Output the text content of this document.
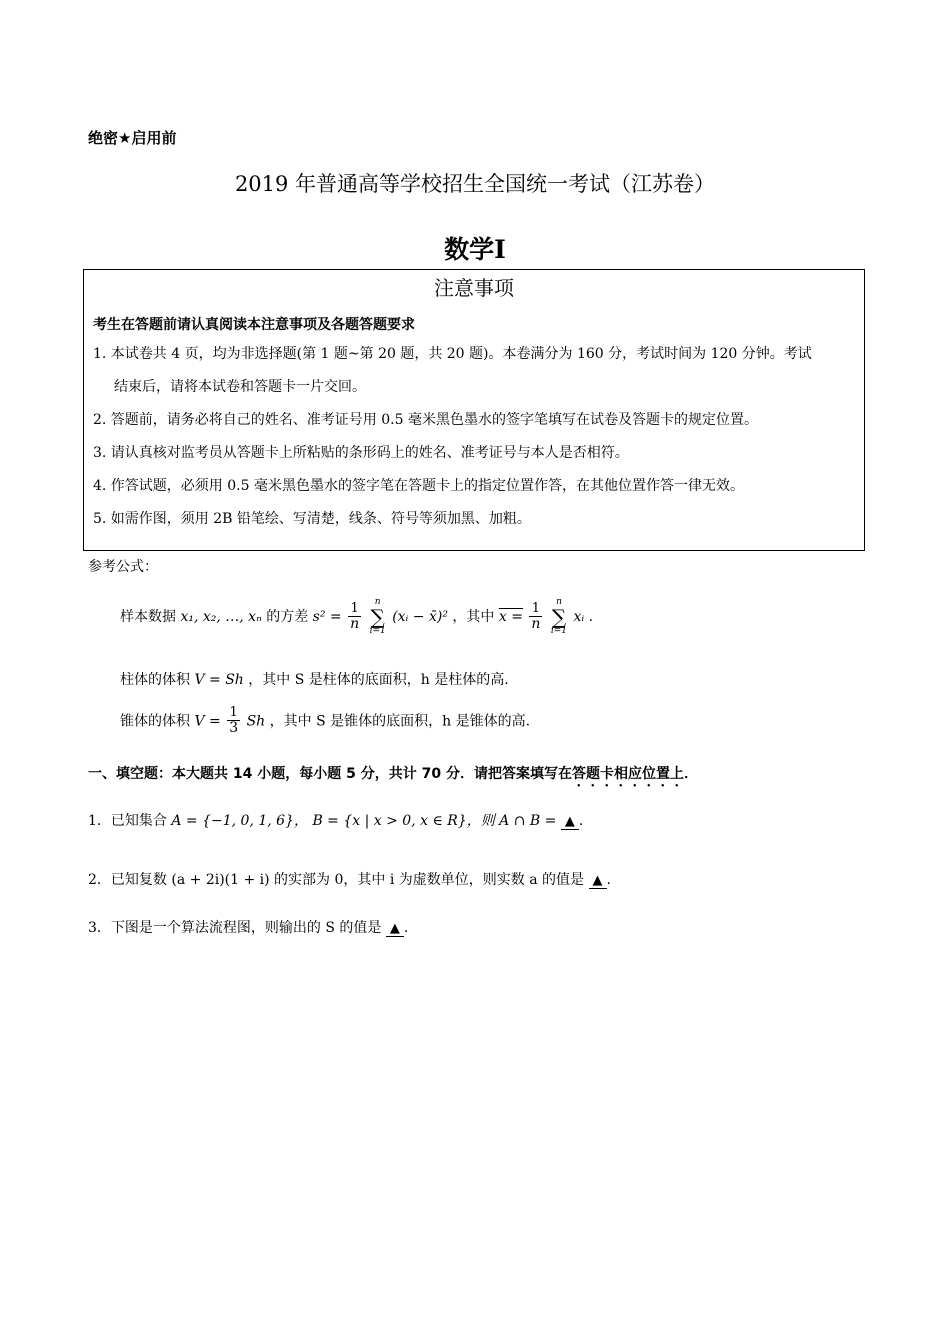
绝密★启用前
2019 年普通高等学校招生全国统一考试（江苏卷）
数学Ⅰ
注意事项
考生在答题前请认真阅读本注意事项及各题答题要求
1. 本试卷共 4 页，均为非选择题(第 1 题~第 20 题，共 20 题)。本卷满分为 160 分，考试时间为 120 分钟。考试
结束后，请将本试卷和答题卡一片交回。
2. 答题前，请务必将自己的姓名、准考证号用 0.5 毫米黑色墨水的签字笔填写在试卷及答题卡的规定位置。
3. 请认真核对监考员从答题卡上所粘贴的条形码上的姓名、准考证号与本人是否相符。
4. 作答试题，必须用 0.5 毫米黑色墨水的签字笔在答题卡上的指定位置作答，在其他位置作答一律无效。
5. 如需作图，须用 2B 铅笔绘、写清楚，线条、符号等须加黑、加粗。
参考公式：
样本数据 x₁, x₂, …, xₙ 的方差 $s^2 = \frac{1}{n}$
	n
∑
i=1
(xᵢ − x̄)² ，其中 $x = \frac{1}{n}$
	n
∑
i=1
xᵢ .
柱体的体积 V = Sh ，其中 S 是柱体的底面积，h 是柱体的高.
锥体的体积 $V = \frac{1}{3}$ Sh ，其中 S 是锥体的底面积，h 是锥体的高.
一、填空题：本大题共 14 小题，每小题 5 分，共计 70 分．请把答案填写在答题卡相应位置上．
1．已知集合 A = {−1, 0, 1, 6}， B = {x | x > 0, x ∈ R}，则 A ∩ B = ▲ .
2．已知复数 (a + 2i)(1 + i) 的实部为 0，其中 i 为虚数单位，则实数 a 的值是 ▲ .
3．下图是一个算法流程图，则输出的 S 的值是 ▲ .
